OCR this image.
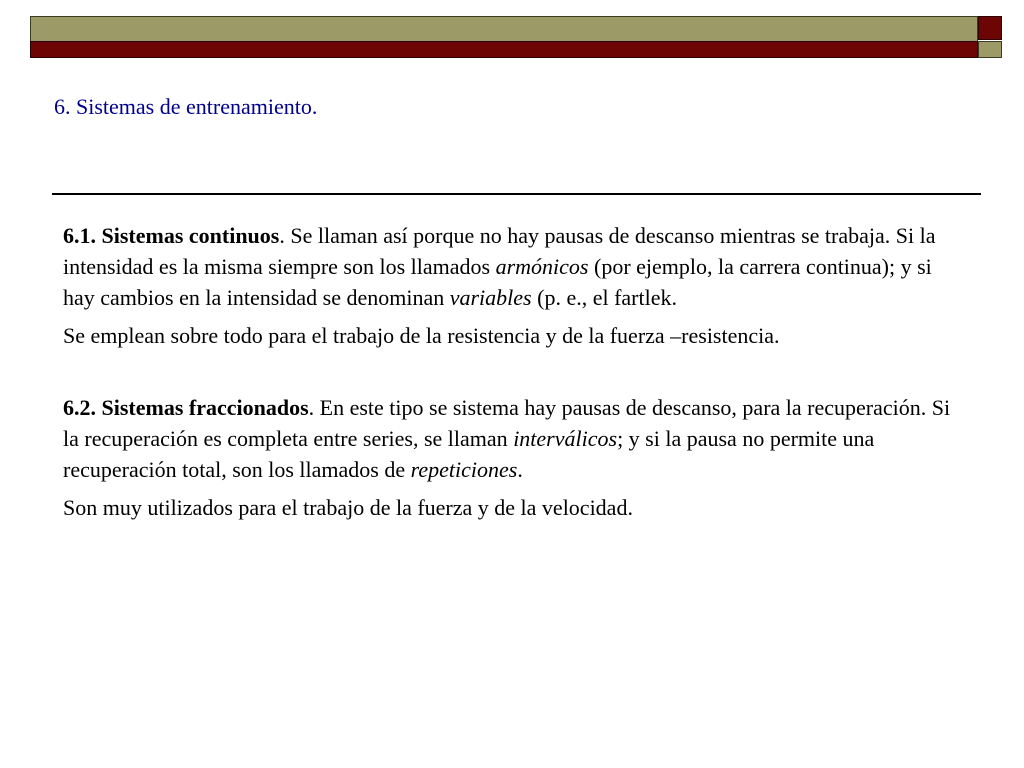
6. Sistemas de entrenamiento.

6.1. Sistemas continuos. Se llaman así porque no hay pausas de descanso mientras se trabaja. Si la intensidad es la misma siempre son los llamados armónicos (por ejemplo, la carrera continua); y si hay cambios en la intensidad se denominan variables (p. e., el fartlek.

Se emplean sobre todo para el trabajo de la resistencia y de la fuerza –resistencia.

6.2. Sistemas fraccionados. En este tipo se sistema hay pausas de descanso, para la recuperación. Si la recuperación es completa entre series, se llaman interválicos; y si la pausa no permite una recuperación total, son los llamados de repeticiones.

Son muy utilizados para el trabajo de la fuerza y de la velocidad.
